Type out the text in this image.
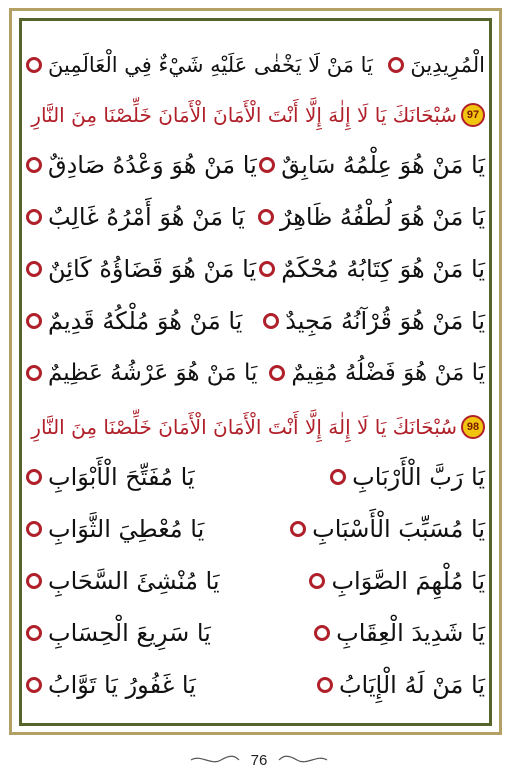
الْمُرِيدِينَ
يَا مَنْ لَا يَخْفٰى عَلَيْهِ شَيْءٌ فِي الْعَالَمِينَ
97
سُبْحَانَكَ يَا لَا إِلٰهَ إِلَّا أَنْتَ الْأَمَانَ الْأَمَانَ خَلِّصْنَا مِنَ النَّارِ
يَا مَنْ هُوَ عِلْمُهُ سَابِقٌ
يَا مَنْ هُوَ وَعْدُهُ صَادِقٌ
يَا مَنْ هُوَ لُطْفُهُ ظَاهِرٌ
يَا مَنْ هُوَ أَمْرُهُ غَالِبٌ
يَا مَنْ هُوَ كِتَابُهُ مُحْكَمٌ
يَا مَنْ هُوَ قَضَاؤُهُ كَائِنٌ
يَا مَنْ هُوَ قُرْآنُهُ مَجِيدٌ
يَا مَنْ هُوَ مُلْكُهُ قَدِيمٌ
يَا مَنْ هُوَ فَضْلُهُ مُقِيمٌ
يَا مَنْ هُوَ عَرْشُهُ عَظِيمٌ
98
سُبْحَانَكَ يَا لَا إِلٰهَ إِلَّا أَنْتَ الْأَمَانَ الْأَمَانَ خَلِّصْنَا مِنَ النَّارِ
يَا رَبَّ الْأَرْبَابِ
يَا مُفَتِّحَ الْأَبْوَابِ
يَا مُسَبِّبَ الْأَسْبَابِ
يَا مُعْطِيَ الثَّوَابِ
يَا مُلْهِمَ الصَّوَابِ
يَا مُنْشِئَ السَّحَابِ
يَا شَدِيدَ الْعِقَابِ
يَا سَرِيعَ الْحِسَابِ
يَا مَنْ لَهُ الْإِيَابُ
يَا غَفُورُ يَا تَوَّابُ
76
